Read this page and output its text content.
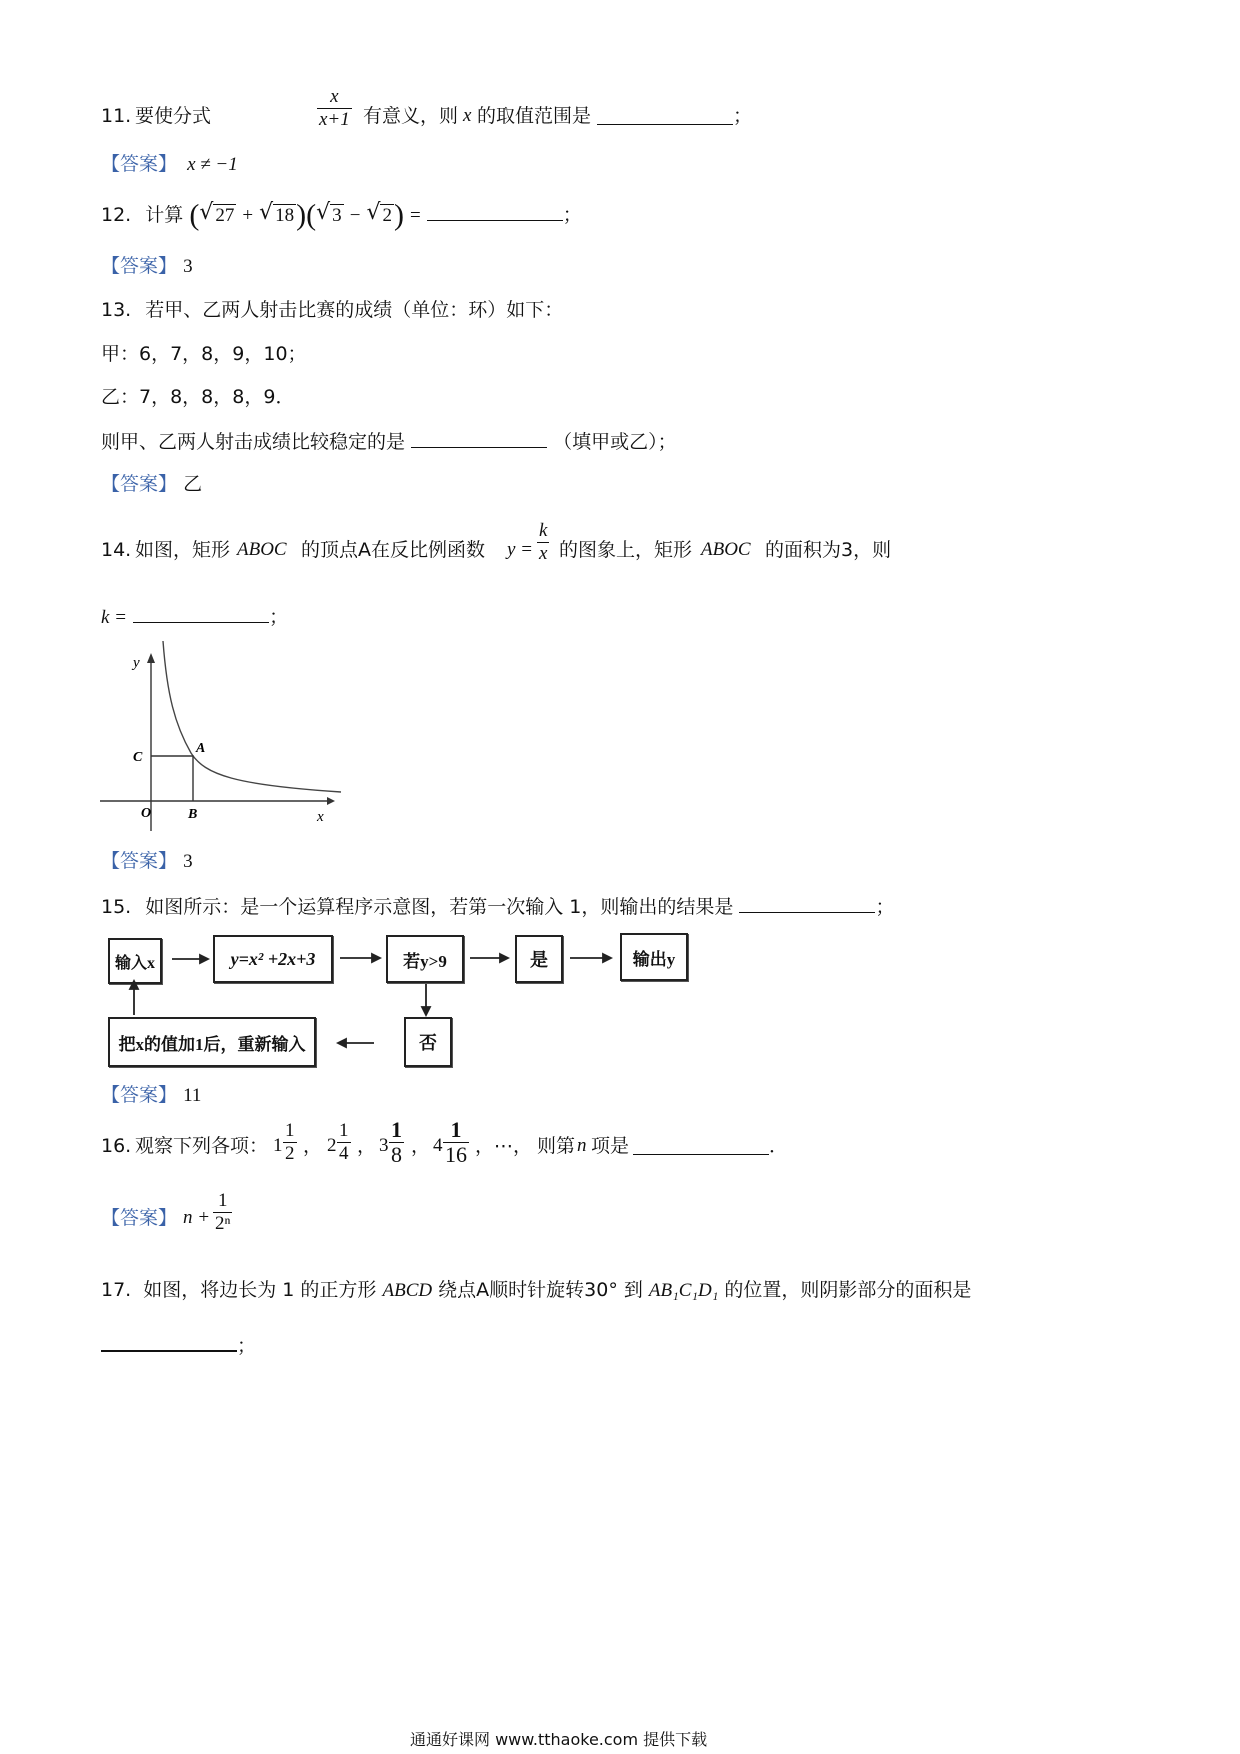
11. 要使分式	$\frac{x}{x+1}$ 有意义，则 x 的取值范围是	；
【答案】 x ≠ −1
12. 计算 ( √ 27 + √ 18)( √ 3 − √ 2) =	；
【答案】 3
13. 若甲、乙两人射击比赛的成绩（单位：环）如下：
甲：6，7，8，9，10；
乙：7，8，8，8，9．
则甲、乙两人射击成绩比较稳定的是	（填甲或乙）；
【答案】 乙
14. 如图，矩形 ABOC 的顶点A在反比例函数 $y = \frac{k}{x}$ 的图象上，矩形 ABOC 的面积为3，则
k =	；
y
x
O	B
C
A
【答案】 3
15. 如图所示：是一个运算程序示意图，若第一次输入 1，则输出的结果是	；
输入x	y=x² +2x+3	若y>9	是	输出y
否
把x的值加1后，重新输入
【答案】 11
16. 观察下列各项： $1 \frac{1}{2}$ ， $2 \frac{1}{4}$ ， $3 \frac{1}{8}$ ， $4 \frac{1}{16}$ ，⋯， 则第 n 项是	．
【答案】 $n + \frac{1}{\text{2ⁿ}}$
17. 如图，将边长为 1 的正方形 ABCD 绕点A顺时针旋转30° 到 AB₁C₁D₁ 的位置，则阴影部分的面积是
；
通通好课网 www.tthaoke.com 提供下载
